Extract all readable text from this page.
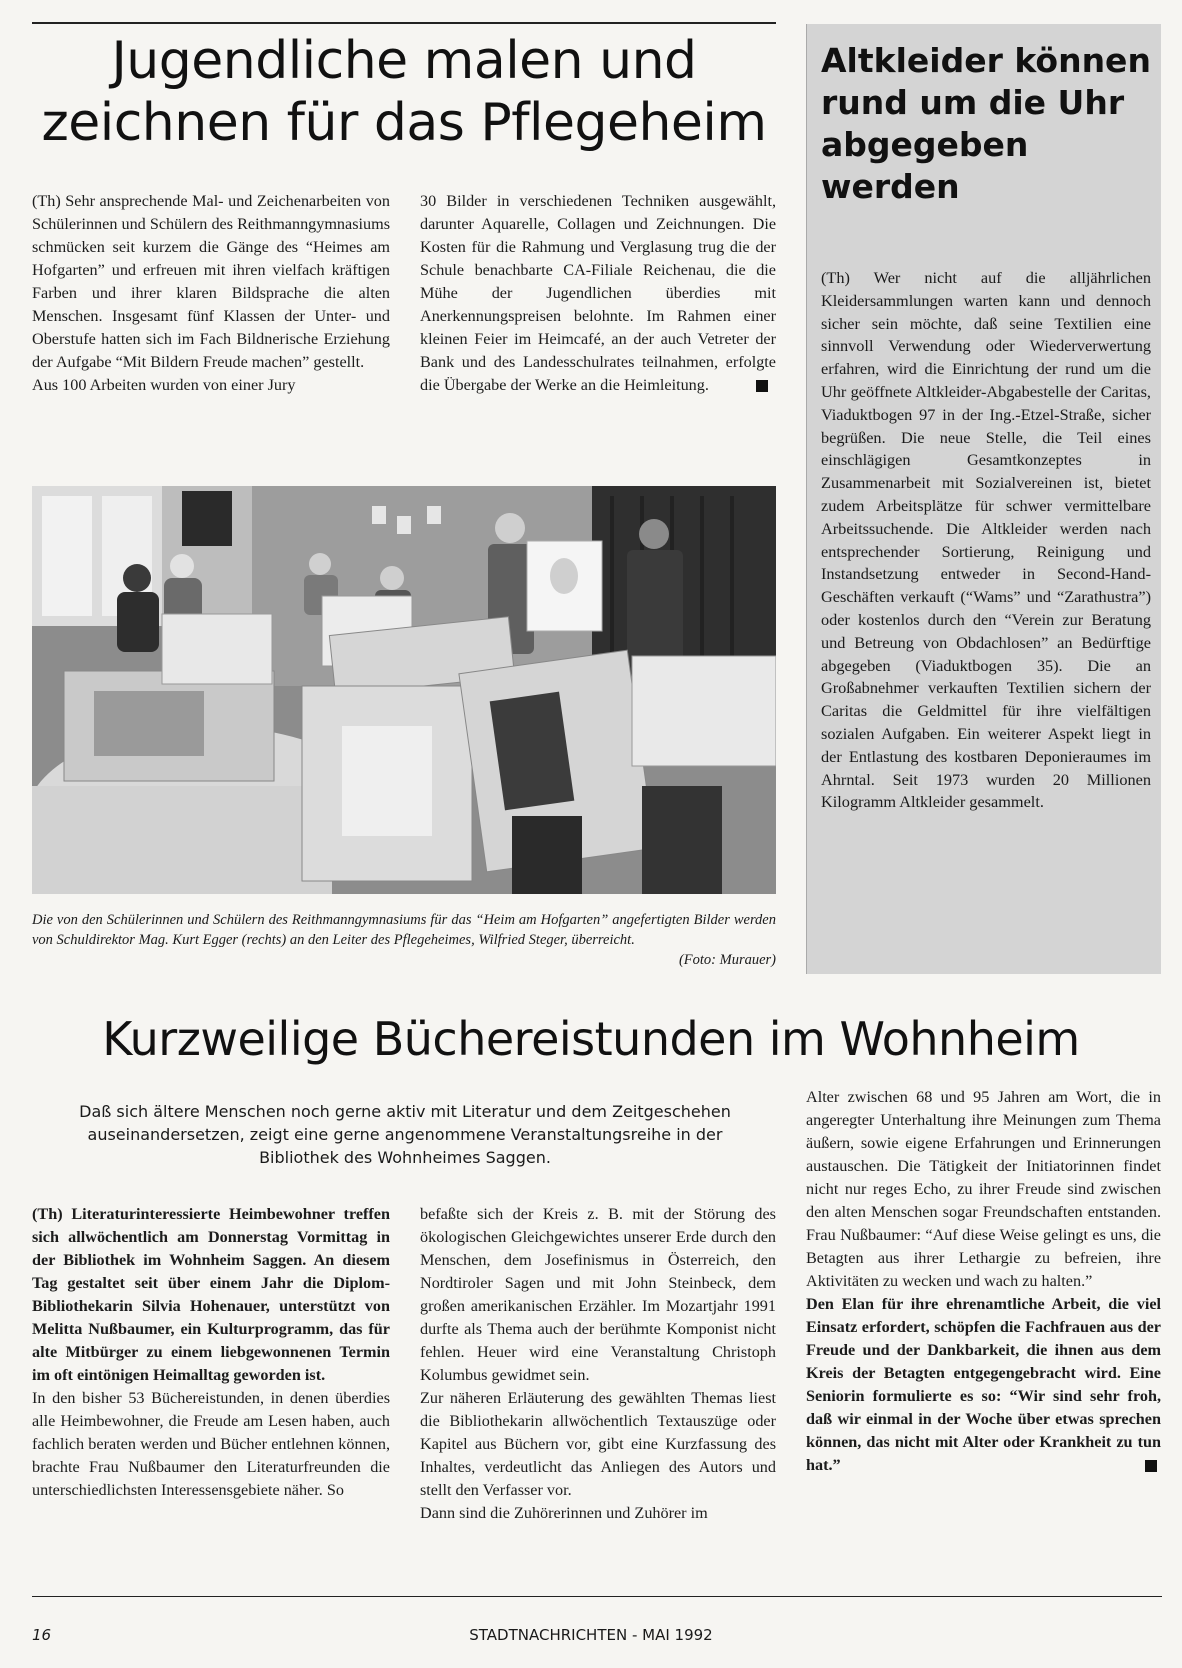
Jugendliche malen und
zeichnen für das Pflegeheim

(Th) Sehr ansprechende Mal- und Zeichenarbeiten von Schülerinnen und Schülern des Reithmanngymnasiums schmücken seit kurzem die Gänge des “Heimes am Hofgarten” und erfreuen mit ihren vielfach kräftigen Farben und ihrer klaren Bildsprache die alten Menschen. Insgesamt fünf Klassen der Unter- und Oberstufe hatten sich im Fach Bildnerische Erziehung der Aufgabe “Mit Bildern Freude machen” gestellt.

Aus 100 Arbeiten wurden von einer Jury

30 Bilder in verschiedenen Techniken ausgewählt, darunter Aquarelle, Collagen und Zeichnungen. Die Kosten für die Rahmung und Verglasung trug die der Schule benachbarte CA-Filiale Reichenau, die die Mühe der Jugendlichen überdies mit Anerkennungspreisen belohnte. Im Rahmen einer kleinen Feier im Heimcafé, an der auch Vetreter der Bank und des Landesschulrates teilnahmen, erfolgte die Übergabe der Werke an die Heimleitung.

Die von den Schülerinnen und Schülern des Reithmanngymnasiums für das “Heim am Hofgarten” angefertigten Bilder werden von Schuldirektor Mag. Kurt Egger (rechts) an den Leiter des Pflegeheimes, Wilfried Steger, überreicht.
(Foto: Murauer)
Altkleider können rund um die Uhr abgegeben werden
(Th) Wer nicht auf die alljährlichen Kleidersammlungen warten kann und dennoch sicher sein möchte, daß seine Textilien eine sinnvoll Verwendung oder Wiederverwertung erfahren, wird die Einrichtung der rund um die Uhr geöffnete Altkleider-Abgabestelle der Caritas, Viaduktbogen 97 in der Ing.-Etzel-Straße, sicher begrüßen. Die neue Stelle, die Teil eines einschlägigen Gesamtkonzeptes in Zusammenarbeit mit Sozialvereinen ist, bietet zudem Arbeitsplätze für schwer vermittelbare Arbeitssuchende. Die Altkleider werden nach entsprechender Sortierung, Reinigung und Instandsetzung entweder in Second-Hand-Geschäften verkauft (“Wams” und “Zarathustra”) oder kostenlos durch den “Verein zur Beratung und Betreung von Obdachlosen” an Bedürftige abgegeben (Viaduktbogen 35). Die an Großabnehmer verkauften Textilien sichern der Caritas die Geldmittel für ihre vielfältigen sozialen Aufgaben. Ein weiterer Aspekt liegt in der Entlastung des kostbaren Deponieraumes im Ahrntal. Seit 1973 wurden 20 Millionen Kilogramm Altkleider gesammelt.
Kurzweilige Büchereistunden im Wohnheim
Daß sich ältere Menschen noch gerne aktiv mit Literatur und dem Zeitgeschehen auseinandersetzen, zeigt eine gerne angenommene Veranstaltungsreihe in der Bibliothek des Wohnheimes Saggen.

(Th) Literaturinteressierte Heimbewohner treffen sich allwöchentlich am Donnerstag Vormittag in der Bibliothek im Wohnheim Saggen. An diesem Tag gestaltet seit über einem Jahr die Diplom-Bibliothekarin Silvia Hohenauer, unterstützt von Melitta Nußbaumer, ein Kulturprogramm, das für alte Mitbürger zu einem liebgewonnenen Termin im oft eintönigen Heimalltag geworden ist.

In den bisher 53 Büchereistunden, in denen überdies alle Heimbewohner, die Freude am Lesen haben, auch fachlich beraten werden und Bücher entlehnen können, brachte Frau Nußbaumer den Literaturfreunden die unterschiedlichsten Interessensgebiete näher. So

befaßte sich der Kreis z. B. mit der Störung des ökologischen Gleichgewichtes unserer Erde durch den Menschen, dem Josefinismus in Österreich, den Nordtiroler Sagen und mit John Steinbeck, dem großen amerikanischen Erzähler. Im Mozartjahr 1991 durfte als Thema auch der berühmte Komponist nicht fehlen. Heuer wird eine Veranstaltung Christoph Kolumbus gewidmet sein.

Zur näheren Erläuterung des gewählten Themas liest die Bibliothekarin allwöchentlich Textauszüge oder Kapitel aus Büchern vor, gibt eine Kurzfassung des Inhaltes, verdeutlicht das Anliegen des Autors und stellt den Verfasser vor.

Dann sind die Zuhörerinnen und Zuhörer im

Alter zwischen 68 und 95 Jahren am Wort, die in angeregter Unterhaltung ihre Meinungen zum Thema äußern, sowie eigene Erfahrungen und Erinnerungen austauschen. Die Tätigkeit der Initiatorinnen findet nicht nur reges Echo, zu ihrer Freude sind zwischen den alten Menschen sogar Freundschaften entstanden. Frau Nußbaumer: “Auf diese Weise gelingt es uns, die Betagten aus ihrer Lethargie zu befreien, ihre Aktivitäten zu wecken und wach zu halten.”

Den Elan für ihre ehrenamtliche Arbeit, die viel Einsatz erfordert, schöpfen die Fachfrauen aus der Freude und der Dankbarkeit, die ihnen aus dem Kreis der Betagten entgegengebracht wird. Eine Seniorin formulierte es so: “Wir sind sehr froh, daß wir einmal in der Woche über etwas sprechen können, das nicht mit Alter oder Krankheit zu tun hat.”

16	STADTNACHRICHTEN - MAI 1992
